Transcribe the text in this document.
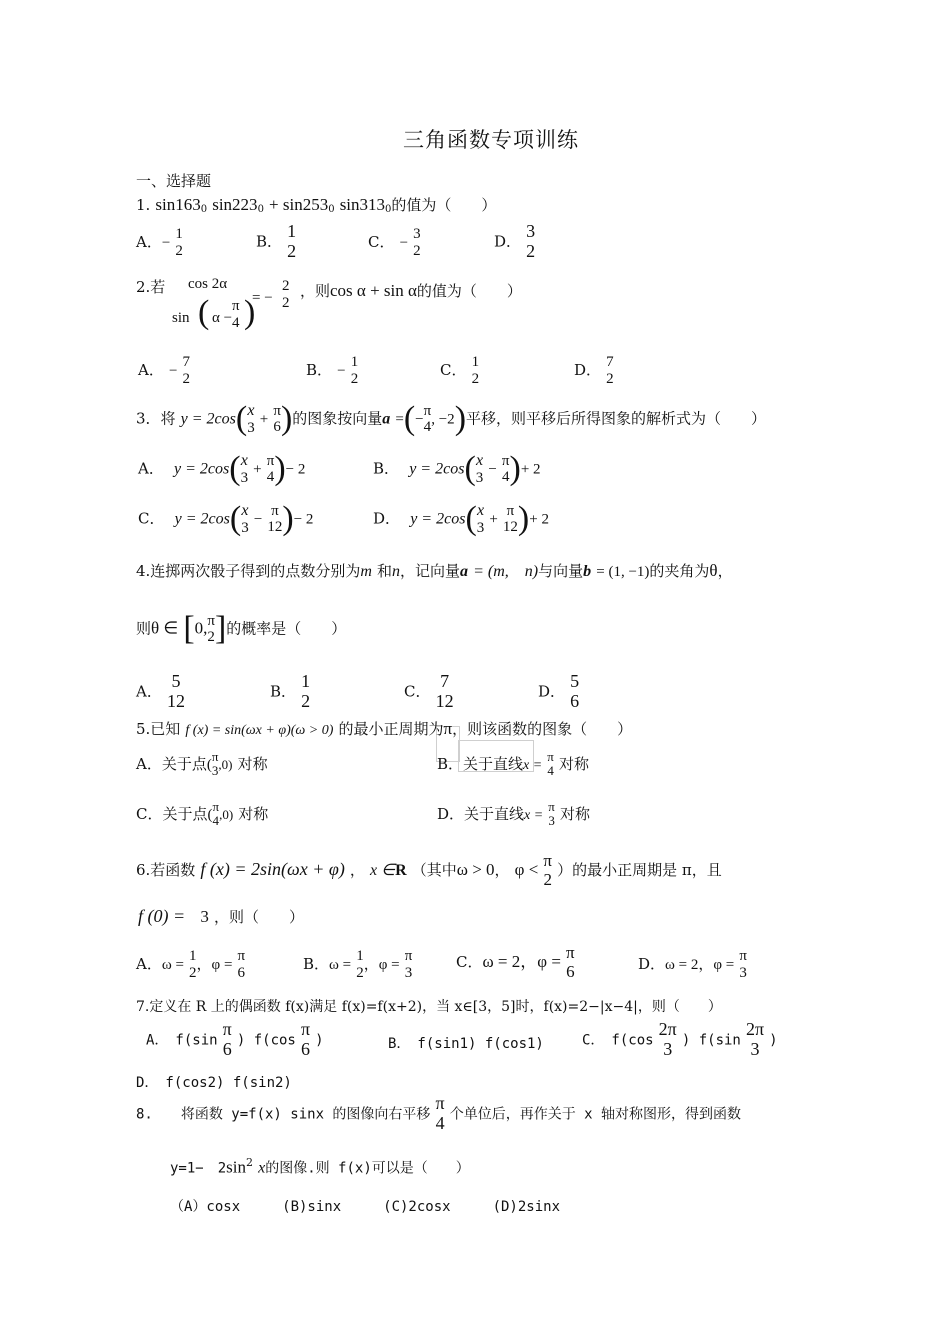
三角函数专项训练
一、选择题
1. sin1630 sin2230 + sin2530 sin3130的值为（　　）
A．−
1
2
B．
1
2	C． −
3
2
D．
3
2
2.若 cos 2α
sin ( α −
π
4 )
= −
2
2
，则cos α + sin α的值为（　　）
A． −
7
2	B． −
1
2	C． 1
2	D． 7
2
3．将 y = 2cos( x
3
+
π
6 )的图象按向量a =(−
π
4 , −2)平移，则平移后所得图象的解析式为（　　）
A． y = 2cos( x
3
+
π
4 )− 2	B． y = 2cos( x
3
−
π
4 )+ 2
C． y = 2cos( x
3
−
π
12 )− 2	D． y = 2cos( x
3
+
π
12 )+ 2
4.连掷两次骰子得到的点数分别为m 和n，记向量a = (m,　n)与向量b = (1, −1)的夹角为θ，
则θ ∈ [0, π
2 ]的概率是（　　）
A．
5
12	B．
1
2	C．
7
12	D．
5
6
5.已知 f (x) = sin(ωx + φ)(ω > 0) 的最小正周期为π，则该函数的图象（　　）
A．关于点(
π
3 ,0) 对称	B．关于直线x =
π
4 对称
C．关于点(
π
4 ,0) 对称	D．关于直线x =
π
3 对称
6.若函数 f (x) = 2sin(ωx + φ) ， x ∈R （其中ω > 0， φ < π
2 ）的最小正周期是 π，且
f (0) = 3 ，则（　　）
A．ω =
1
2 ，φ =
π
6	B．ω =
1
2 ，φ =
π
3
C．ω = 2，φ = π
6	D．ω = 2，φ =
π
3
7.定义在 R 上的偶函数 f(x)满足 f(x)=f(x+2)，当 x∈[3，5]时，f(x)=2−|x−4|，则（　　）
A．　f(sin
π
6 ) f(cos
π
6 )	B．　f(sin1) f(cos1)	C．　f(cos
2π
3 ) f(sin
2π
3 )
D．　f(cos2) f(sin2)
8.　　将函数 y=f(x) sinx 的图像向右平移
π
4 个单位后，再作关于 x 轴对称图形，得到函数
y=1−　$2\sin^2$ x的图像.则 f(x)可以是（　　）
（A）cosx　　　(B)sinx　　　(C)2cosx　　　(D)2sinx
